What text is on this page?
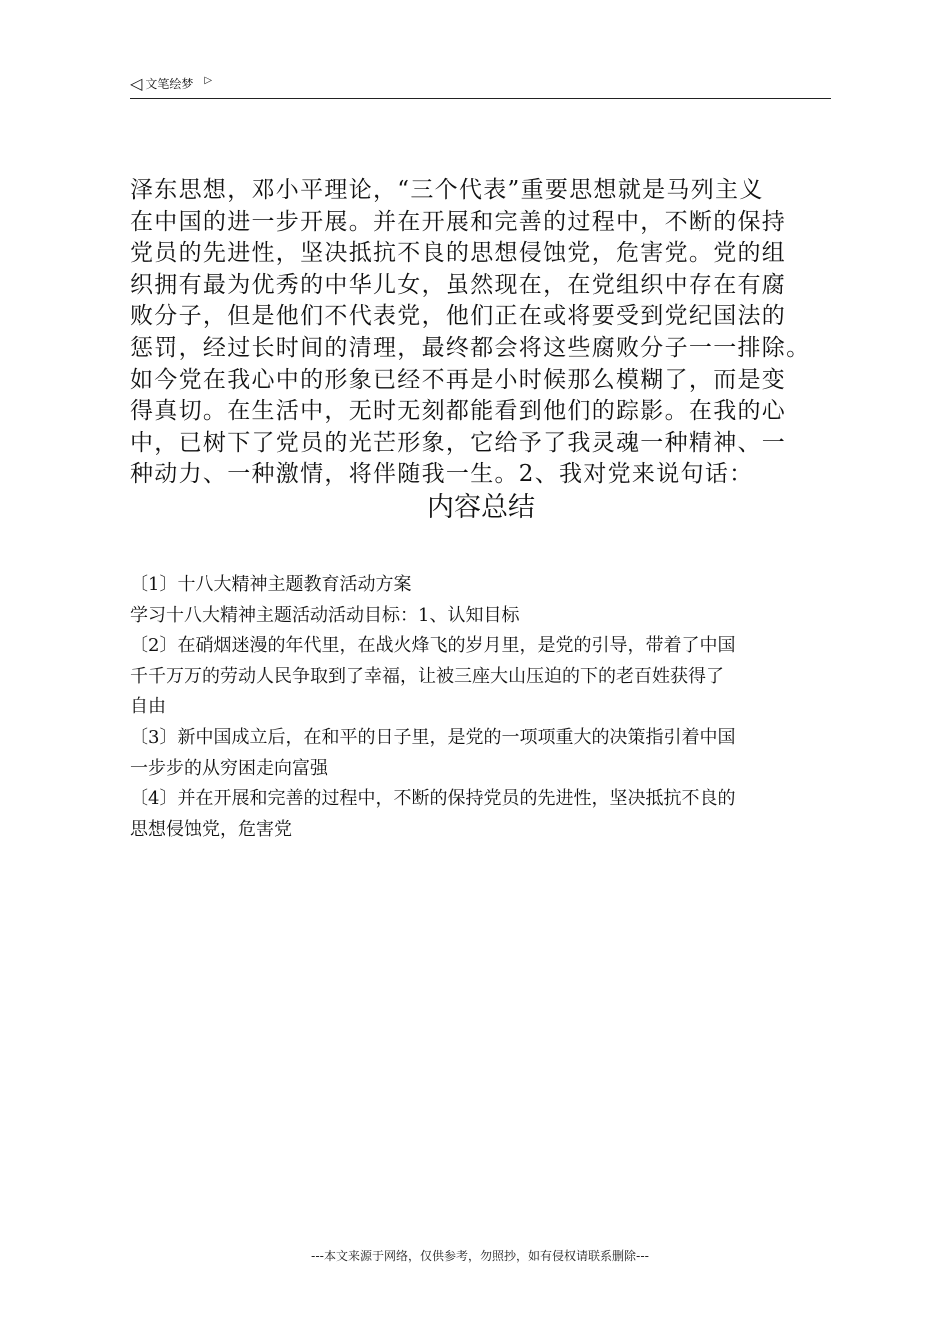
◁ 文笔绘梦 ▷

泽东思想，邓小平理论，“三个代表”重要思想就是马列主义
在中国的进一步开展。并在开展和完善的过程中，不断的保持
党员的先进性，坚决抵抗不良的思想侵蚀党，危害党。党的组
织拥有最为优秀的中华儿女，虽然现在，在党组织中存在有腐
败分子，但是他们不代表党，他们正在或将要受到党纪国法的
惩罚，经过长时间的清理，最终都会将这些腐败分子一一排除。
如今党在我心中的形象已经不再是小时候那么模糊了，而是变
得真切。在生活中，无时无刻都能看到他们的踪影。在我的心
中，已树下了党员的光芒形象，它给予了我灵魂一种精神、一
种动力、一种激情，将伴随我一生。2、我对党来说句话：

内容总结
〔1〕十八大精神主题教育活动方案
学习十八大精神主题活动活动目标：1、认知目标
〔2〕在硝烟迷漫的年代里，在战火烽飞的岁月里，是党的引导，带着了中国
千千万万的劳动人民争取到了幸福，让被三座大山压迫的下的老百姓获得了
自由
〔3〕新中国成立后，在和平的日子里，是党的一项项重大的决策指引着中国
一步步的从穷困走向富强
〔4〕并在开展和完善的过程中，不断的保持党员的先进性，坚决抵抗不良的
思想侵蚀党，危害党
---本文来源于网络，仅供参考，勿照抄，如有侵权请联系删除---
